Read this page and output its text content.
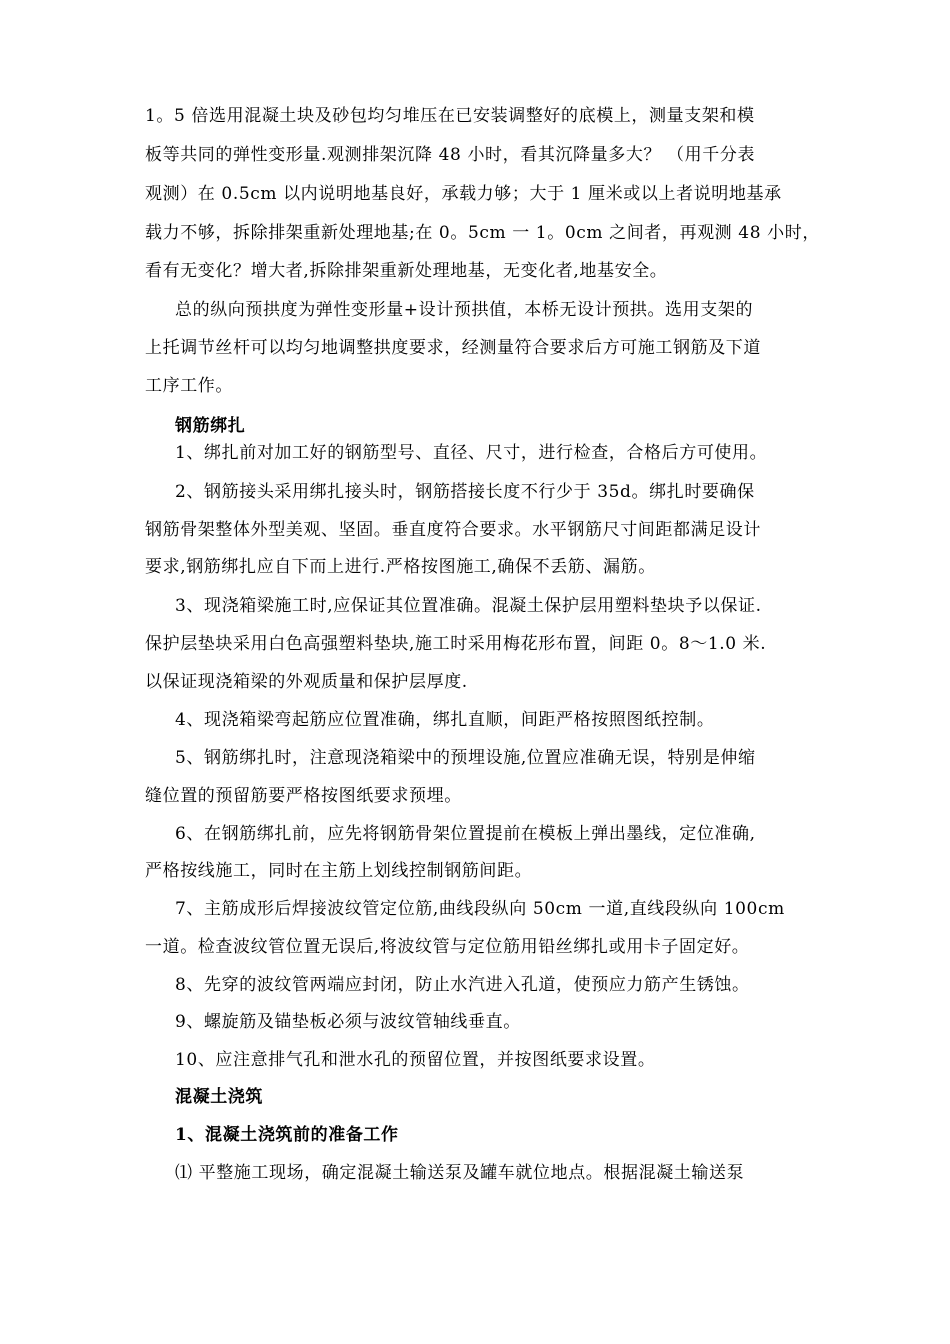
1。5 倍选用混凝土块及砂包均匀堆压在已安装调整好的底模上，测量支架和模
板等共同的弹性变形量.观测排架沉降 48 小时，看其沉降量多大？ （用千分表
观测）在 0.5cm 以内说明地基良好，承载力够；大于 1 厘米或以上者说明地基承
载力不够，拆除排架重新处理地基;在 0。5cm 一 1。0cm 之间者，再观测 48 小时，
看有无变化？增大者,拆除排架重新处理地基，无变化者,地基安全。
总的纵向预拱度为弹性变形量+设计预拱值，本桥无设计预拱。选用支架的
上托调节丝杆可以均匀地调整拱度要求，经测量符合要求后方可施工钢筋及下道
工序工作。
钢筋绑扎
1、绑扎前对加工好的钢筋型号、直径、尺寸，进行检查，合格后方可使用。
2、钢筋接头采用绑扎接头时，钢筋搭接长度不行少于 35d。绑扎时要确保
钢筋骨架整体外型美观、坚固。垂直度符合要求。水平钢筋尺寸间距都满足设计
要求,钢筋绑扎应自下而上进行.严格按图施工,确保不丢筋、漏筋。
3、现浇箱梁施工时,应保证其位置准确。混凝土保护层用塑料垫块予以保证.
保护层垫块采用白色高强塑料垫块,施工时采用梅花形布置，间距 0。8～1.0 米.
以保证现浇箱梁的外观质量和保护层厚度.
4、现浇箱梁弯起筋应位置准确，绑扎直顺，间距严格按照图纸控制。
5、钢筋绑扎时，注意现浇箱梁中的预埋设施,位置应准确无误，特别是伸缩
缝位置的预留筋要严格按图纸要求预埋。
6、在钢筋绑扎前，应先将钢筋骨架位置提前在模板上弹出墨线，定位准确,
严格按线施工，同时在主筋上划线控制钢筋间距。
7、主筋成形后焊接波纹管定位筋,曲线段纵向 50cm 一道,直线段纵向 100cm
一道。检查波纹管位置无误后,将波纹管与定位筋用铅丝绑扎或用卡子固定好。
8、先穿的波纹管两端应封闭，防止水汽进入孔道，使预应力筋产生锈蚀。
9、螺旋筋及锚垫板必须与波纹管轴线垂直。
10、应注意排气孔和泄水孔的预留位置，并按图纸要求设置。
混凝土浇筑
1、混凝土浇筑前的准备工作
⑴ 平整施工现场，确定混凝土输送泵及罐车就位地点。根据混凝土输送泵
